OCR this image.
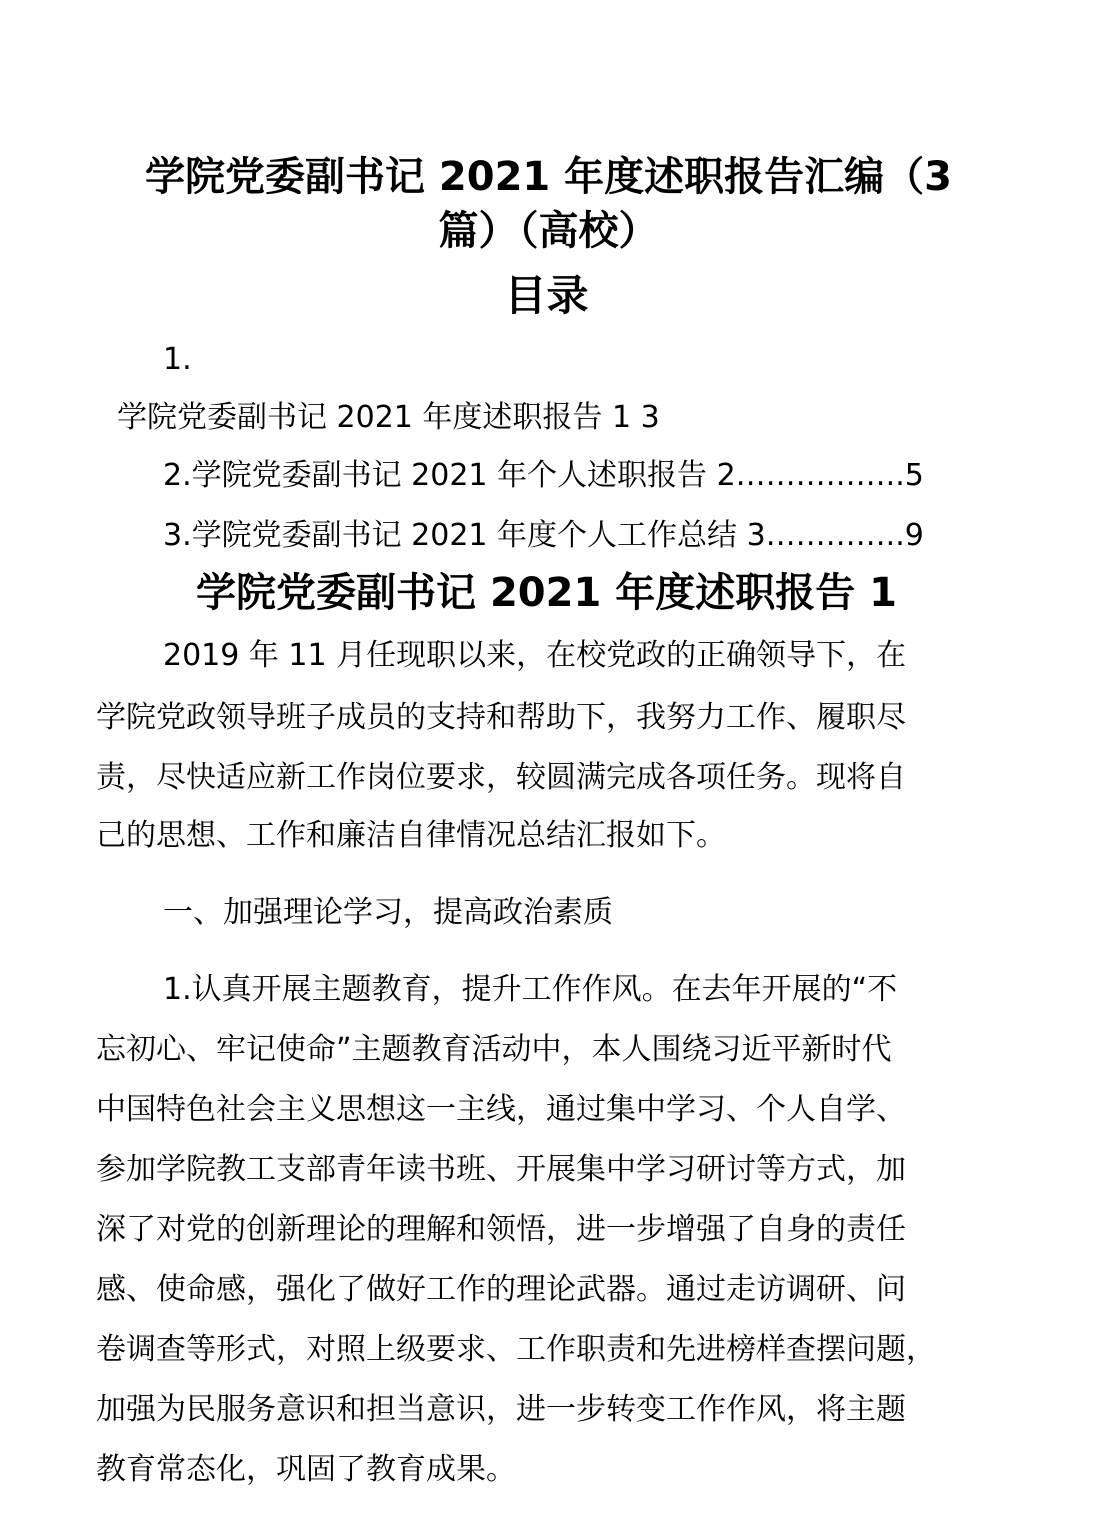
学院党委副书记 2021 年度述职报告汇编（3
篇）（高校）
目录
1.
学院党委副书记 2021 年度述职报告 1 3
2.学院党委副书记 2021 年个人述职报告 2……………..5
3.学院党委副书记 2021 年度个人工作总结 3…………..9
学院党委副书记 2021 年度述职报告 1
2019 年 11 月任现职以来，在校党政的正确领导下，在
学院党政领导班子成员的支持和帮助下，我努力工作、履职尽
责，尽快适应新工作岗位要求，较圆满完成各项任务。现将自
己的思想、工作和廉洁自律情况总结汇报如下。
一、加强理论学习，提高政治素质
1.认真开展主题教育，提升工作作风。在去年开展的“不
忘初心、牢记使命”主题教育活动中，本人围绕习近平新时代
中国特色社会主义思想这一主线，通过集中学习、个人自学、
参加学院教工支部青年读书班、开展集中学习研讨等方式，加
深了对党的创新理论的理解和领悟，进一步增强了自身的责任
感、使命感，强化了做好工作的理论武器。通过走访调研、问
卷调查等形式，对照上级要求、工作职责和先进榜样查摆问题，
加强为民服务意识和担当意识，进一步转变工作作风，将主题
教育常态化，巩固了教育成果。
